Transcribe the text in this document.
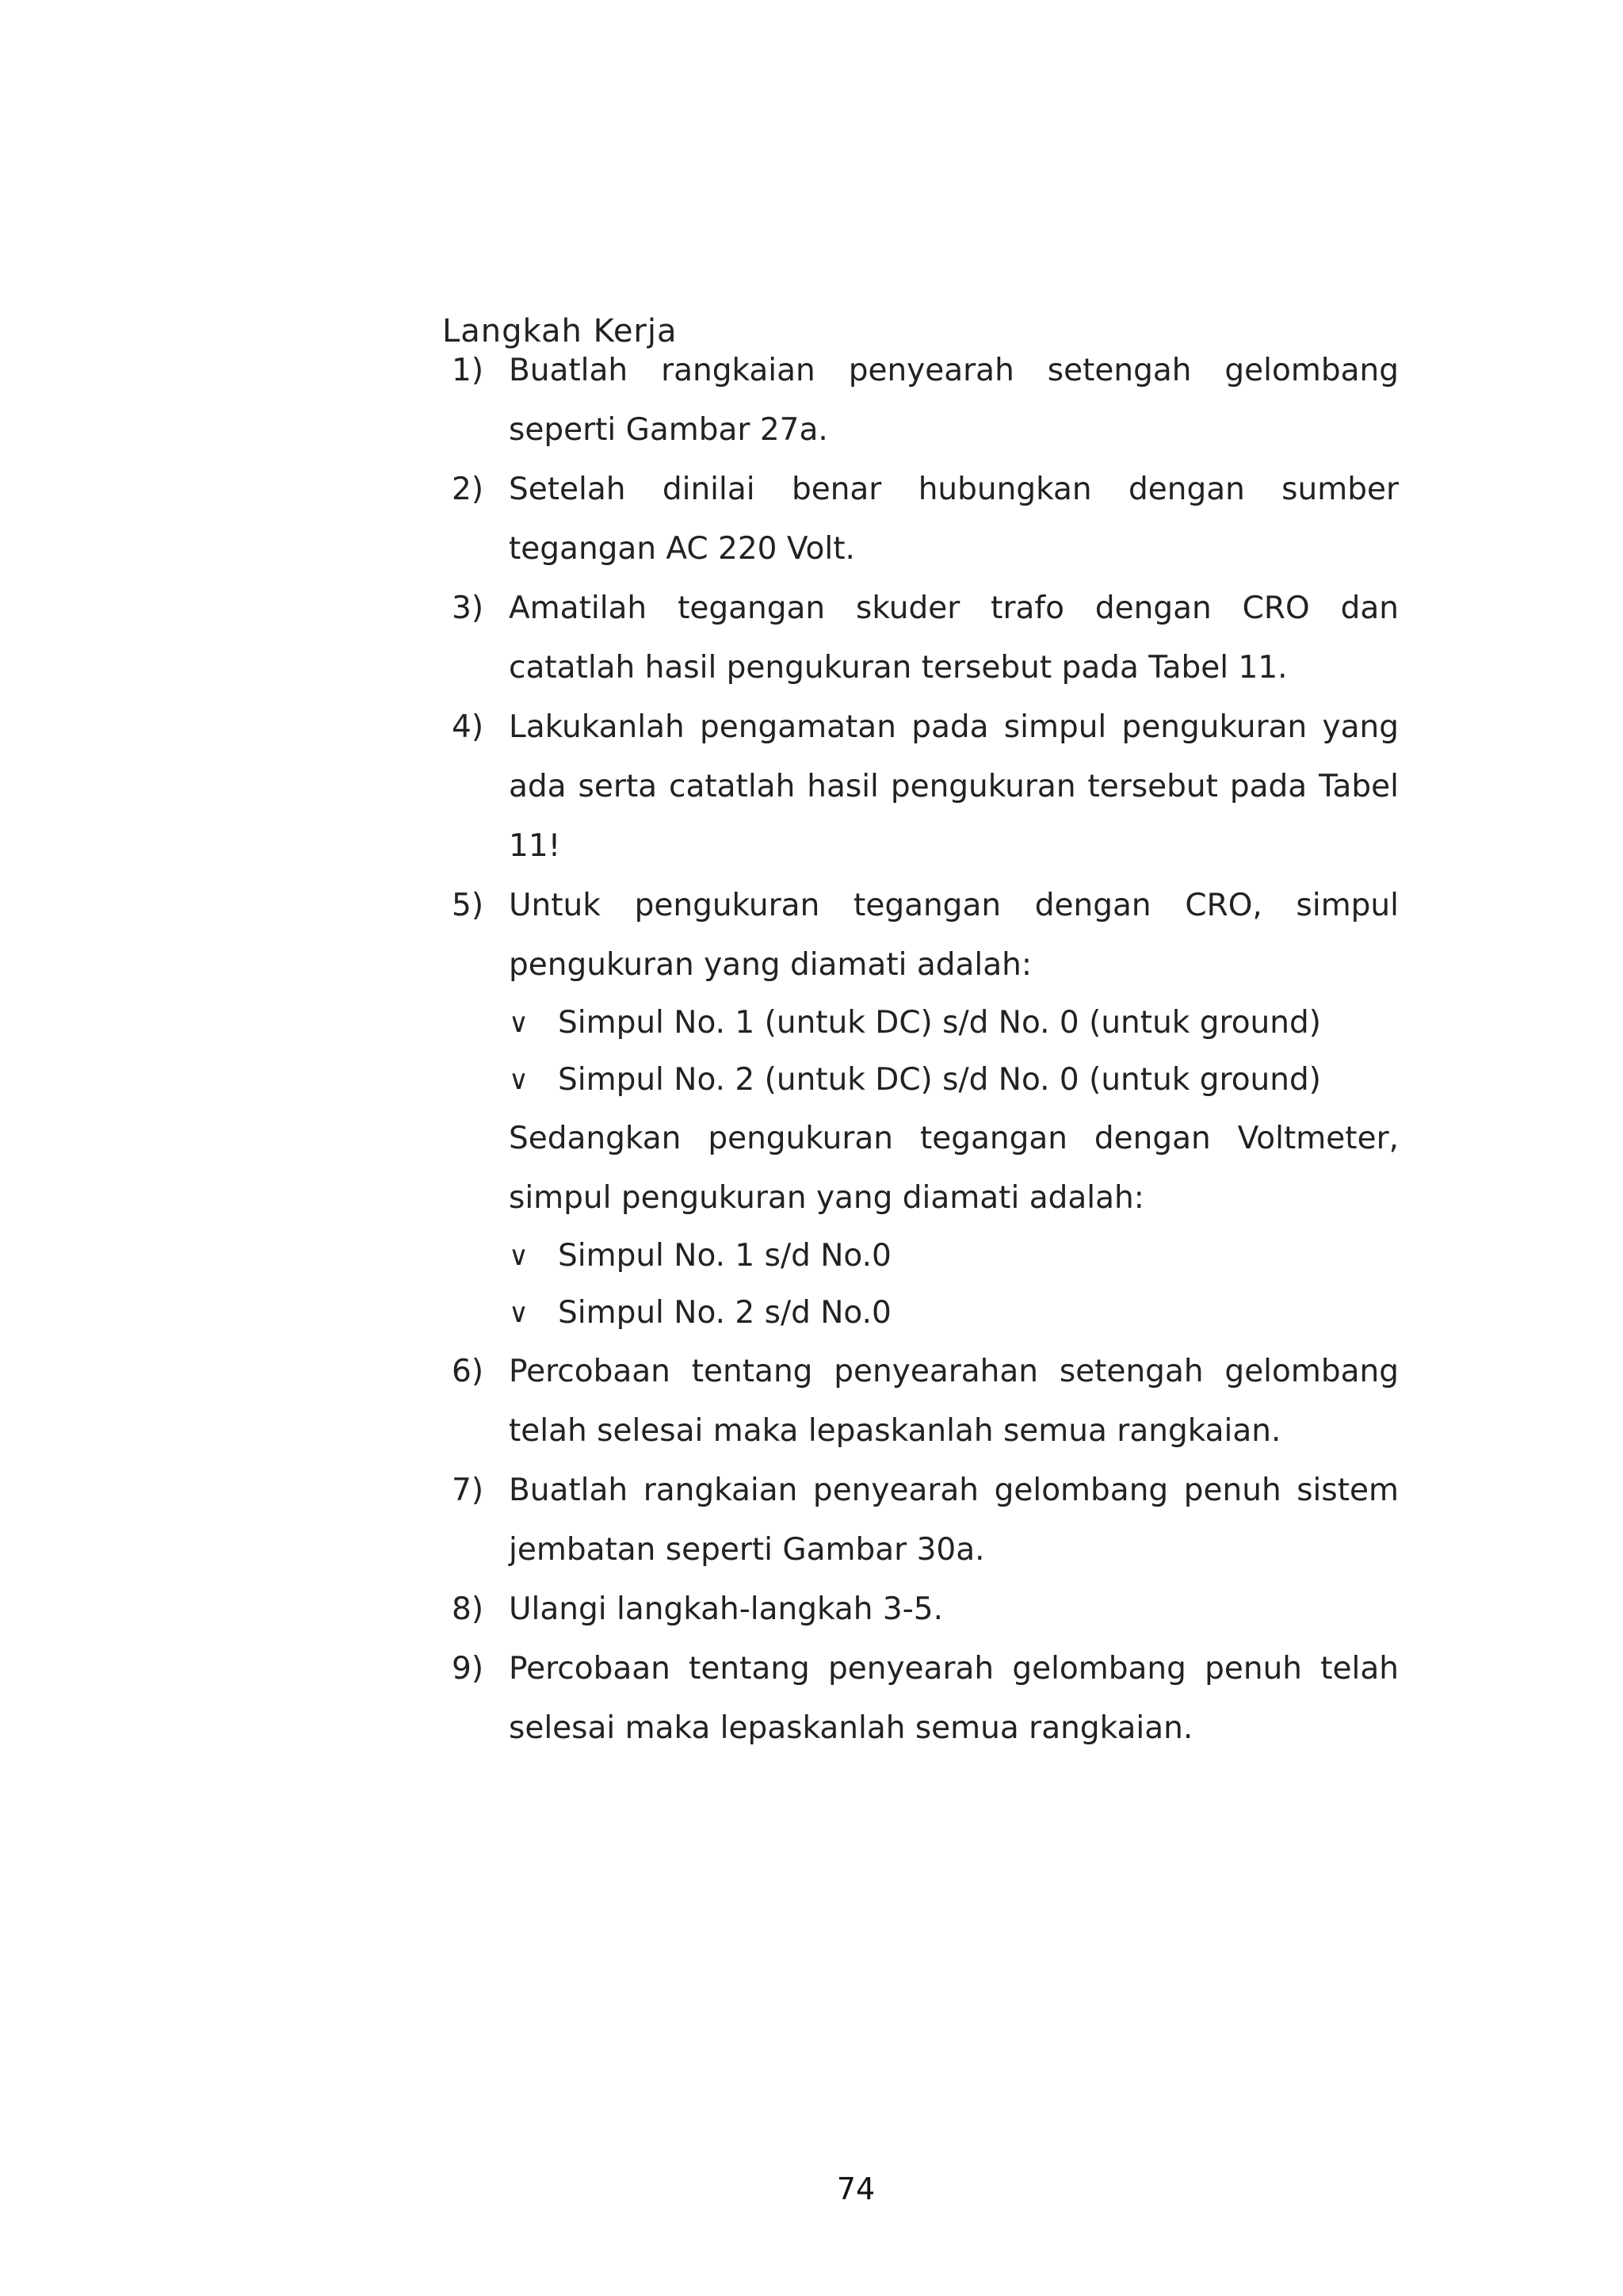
Langkah Kerja
1) Buatlah rangkaian penyearah setengah gelombang seperti Gambar 27a.
2) Setelah dinilai benar hubungkan dengan sumber tegangan AC 220 Volt.
3) Amatilah tegangan skuder trafo dengan CRO dan catatlah hasil pengukuran tersebut pada Tabel 11.
4) Lakukanlah pengamatan pada simpul pengukuran yang ada serta catatlah hasil pengukuran tersebut pada Tabel 11!
5) Untuk pengukuran tegangan dengan CRO, simpul pengukuran yang diamati adalah:
∨ Simpul No. 1 (untuk DC) s/d No. 0 (untuk ground)
∨ Simpul No. 2 (untuk DC) s/d No. 0 (untuk ground)
Sedangkan pengukuran tegangan dengan Voltmeter, simpul pengukuran yang diamati adalah:
∨ Simpul No. 1 s/d No.0
∨ Simpul No. 2 s/d No.0
6) Percobaan tentang penyearahan setengah gelombang telah selesai maka lepaskanlah semua rangkaian.
7) Buatlah rangkaian penyearah gelombang penuh sistem jembatan seperti Gambar 30a.
8) Ulangi langkah-langkah 3-5.
9) Percobaan tentang penyearah gelombang penuh telah selesai maka lepaskanlah semua rangkaian.
74
